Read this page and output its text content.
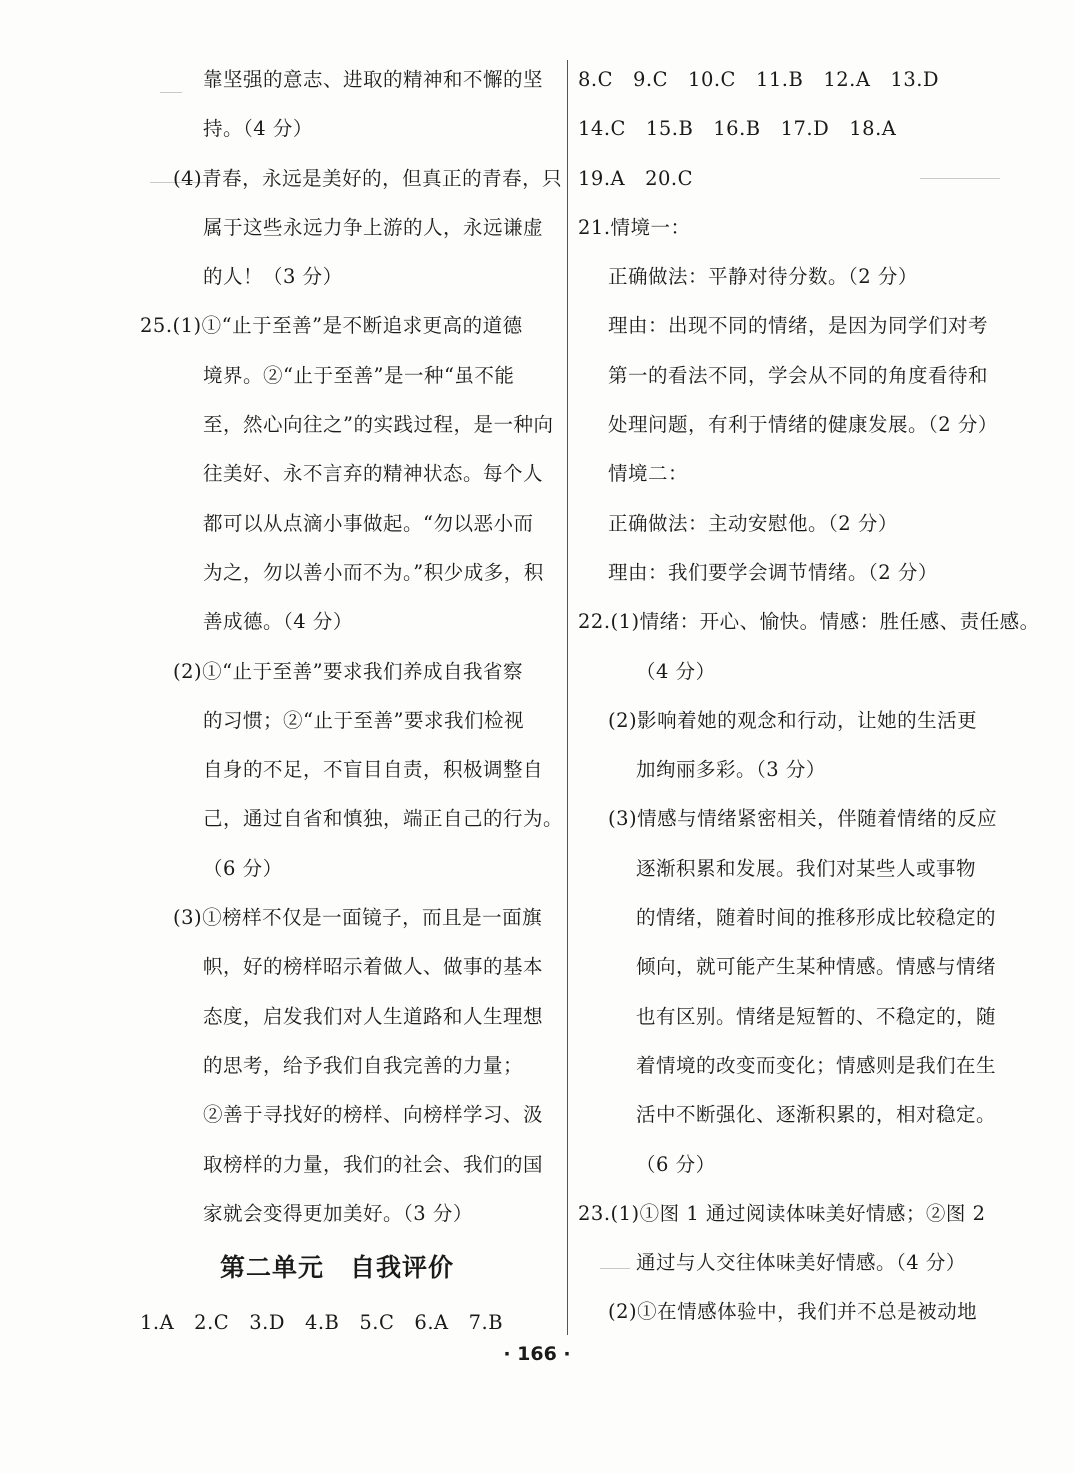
靠坚强的意志、进取的精神和不懈的坚
持。（4 分）
(4)青春，永远是美好的，但真正的青春，只
属于这些永远力争上游的人，永远谦虚
的人！（3 分）
25.(1)①“止于至善”是不断追求更高的道德
境界。②“止于至善”是一种“虽不能
至，然心向往之”的实践过程，是一种向
往美好、永不言弃的精神状态。每个人
都可以从点滴小事做起。“勿以恶小而
为之，勿以善小而不为。”积少成多，积
善成德。（4 分）
(2)①“止于至善”要求我们养成自我省察
的习惯；②“止于至善”要求我们检视
自身的不足，不盲目自责，积极调整自
己，通过自省和慎独，端正自己的行为。
（6 分）
(3)①榜样不仅是一面镜子，而且是一面旗
帜，好的榜样昭示着做人、做事的基本
态度，启发我们对人生道路和人生理想
的思考，给予我们自我完善的力量；
②善于寻找好的榜样、向榜样学习、汲
取榜样的力量，我们的社会、我们的国
家就会变得更加美好。（3 分）
第二单元　自我评价
1.A　2.C　3.D　4.B　5.C　6.A　7.B
8.C　9.C　10.C　11.B　12.A　13.D
14.C　15.B　16.B　17.D　18.A
19.A　20.C
21.情境一：
正确做法：平静对待分数。（2 分）
理由：出现不同的情绪，是因为同学们对考
第一的看法不同，学会从不同的角度看待和
处理问题，有利于情绪的健康发展。（2 分）
情境二：
正确做法：主动安慰他。（2 分）
理由：我们要学会调节情绪。（2 分）
22.(1)情绪：开心、愉快。情感：胜任感、责任感。
（4 分）
(2)影响着她的观念和行动，让她的生活更
加绚丽多彩。（3 分）
(3)情感与情绪紧密相关，伴随着情绪的反应
逐渐积累和发展。我们对某些人或事物
的情绪，随着时间的推移形成比较稳定的
倾向，就可能产生某种情感。情感与情绪
也有区别。情绪是短暂的、不稳定的，随
着情境的改变而变化；情感则是我们在生
活中不断强化、逐渐积累的，相对稳定。
（6 分）
23.(1)①图 1 通过阅读体味美好情感；②图 2
通过与人交往体味美好情感。（4 分）
(2)①在情感体验中，我们并不总是被动地
· 166 ·
